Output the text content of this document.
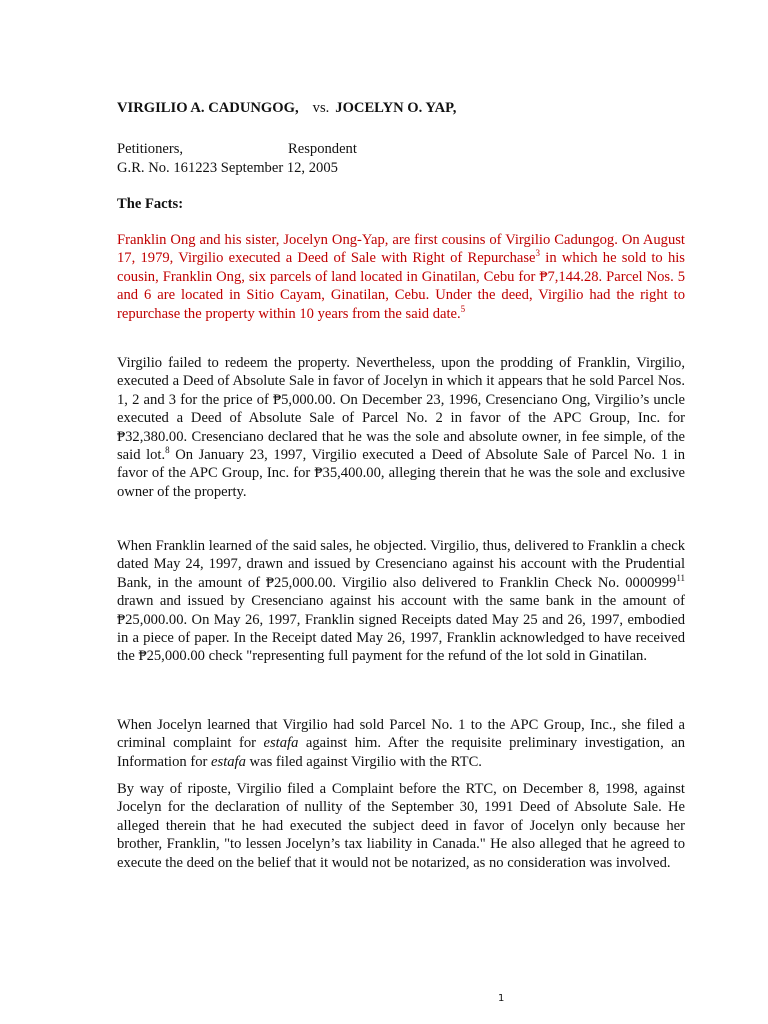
VIRGILIO A. CADUNGOG, vs. JOCELYN O. YAP,
Petitioners,	Respondent
G.R. No. 161223 September 12, 2005
The Facts:

Franklin Ong and his sister, Jocelyn Ong-Yap, are first cousins of Virgilio Cadungog. On August 17, 1979, Virgilio executed a Deed of Sale with Right of Repurchase$^3$ in which he sold to his cousin, Franklin Ong, six parcels of land located in Ginatilan, Cebu for ₱7,144.28. Parcel Nos. 5 and 6 are located in Sitio Cayam, Ginatilan, Cebu. Under the deed, Virgilio had the right to repurchase the property within 10 years from the said date.$^5$

Virgilio failed to redeem the property. Nevertheless, upon the prodding of Franklin, Virgilio, executed a Deed of Absolute Sale in favor of Jocelyn in which it appears that he sold Parcel Nos. 1, 2 and 3 for the price of ₱5,000.00. On December 23, 1996, Cresenciano Ong, Virgilio’s uncle executed a Deed of Absolute Sale of Parcel No. 2 in favor of the APC Group, Inc. for ₱32,380.00. Cresenciano declared that he was the sole and absolute owner, in fee simple, of the said lot.$^8$ On January 23, 1997, Virgilio executed a Deed of Absolute Sale of Parcel No. 1 in favor of the APC Group, Inc. for ₱35,400.00, alleging therein that he was the sole and exclusive owner of the property.

When Franklin learned of the said sales, he objected. Virgilio, thus, delivered to Franklin a check dated May 24, 1997, drawn and issued by Cresenciano against his account with the Prudential Bank, in the amount of ₱25,000.00. Virgilio also delivered to Franklin Check No. 0000999$^{11}$ drawn and issued by Cresenciano against his account with the same bank in the amount of ₱25,000.00. On May 26, 1997, Franklin signed Receipts dated May 25 and 26, 1997, embodied in a piece of paper. In the Receipt dated May 26, 1997, Franklin acknowledged to have received the ₱25,000.00 check "representing full payment for the refund of the lot sold in Ginatilan.

When Jocelyn learned that Virgilio had sold Parcel No. 1 to the APC Group, Inc., she filed a criminal complaint for estafa against him. After the requisite preliminary investigation, an Information for estafa was filed against Virgilio with the RTC.

By way of riposte, Virgilio filed a Complaint before the RTC, on December 8, 1998, against Jocelyn for the declaration of nullity of the September 30, 1991 Deed of Absolute Sale. He alleged therein that he had executed the subject deed in favor of Jocelyn only because her brother, Franklin, "to lessen Jocelyn’s tax liability in Canada." He also alleged that he agreed to execute the deed on the belief that it would not be notarized, as no consideration was involved.

1
